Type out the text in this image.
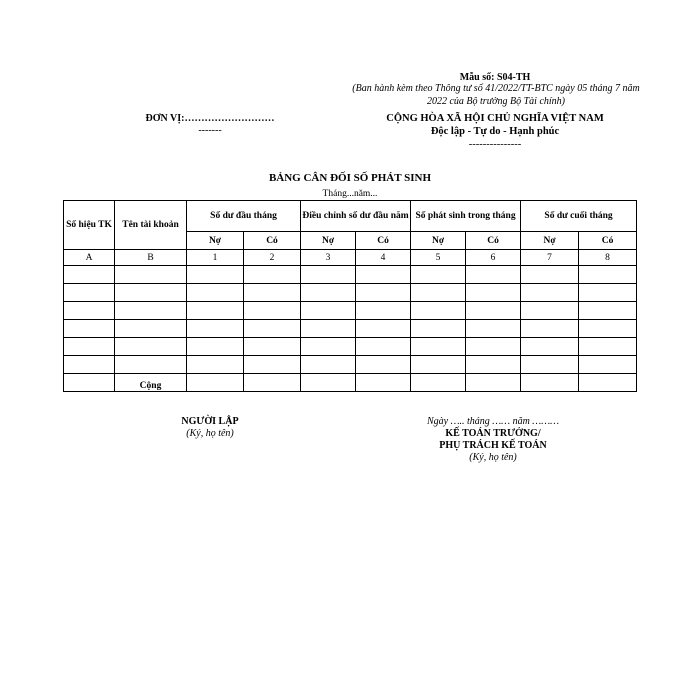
Mẫu số: S04-TH
(Ban hành kèm theo Thông tư số 41/2022/TT-BTC ngày 05 tháng 7 năm 2022 của Bộ trưởng Bộ Tài chính)
ĐƠN VỊ:………………………
-------
CỘNG HÒA XÃ HỘI CHỦ NGHĨA VIỆT NAM
Độc lập - Tự do - Hạnh phúc
---------------
BẢNG CÂN ĐỐI SỐ PHÁT SINH
Tháng...năm...
Số hiệu TK	Tên tài khoản	Số dư đầu tháng		Điều chỉnh số dư đầu năm		Số phát sinh trong tháng		Số dư cuối tháng	
		Nợ	Có	Nợ	Có	Nợ	Có	Nợ	Có
A	B	1	2	3	4	5	6	7	8

	Cộng								
NGƯỜI LẬP
(Ký, họ tên)
Ngày ….. tháng …… năm ………
KẾ TOÁN TRƯỞNG/
PHỤ TRÁCH KẾ TOÁN
(Ký, họ tên)
